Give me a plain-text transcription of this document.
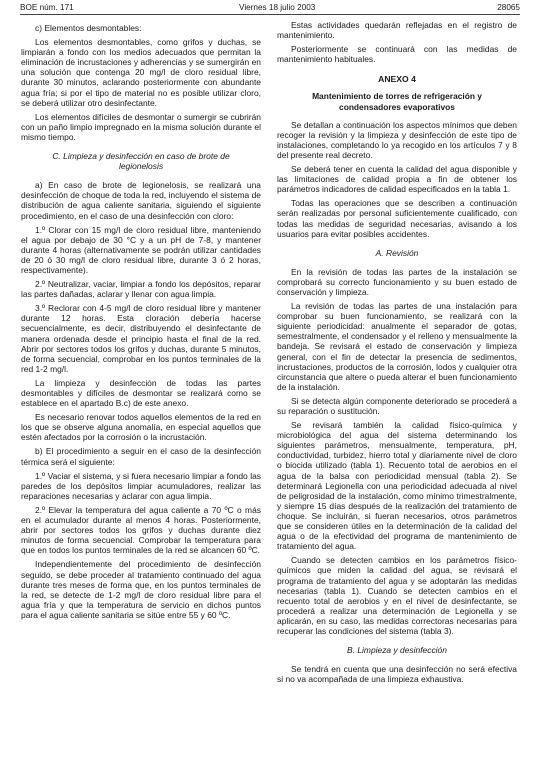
BOE núm. 171	Viernes 18 julio 2003	28065

c) Elementos desmontables:

Los elementos desmontables, como grifos y duchas, se limpiarán a fondo con los medios adecuados que permitan la eliminación de incrustaciones y adherencias y se sumergirán en una solución que contenga 20 mg/l de cloro residual libre, durante 30 minutos, aclarando posteriormente con abundante agua fría; si por el tipo de material no es posible utilizar cloro, se deberá utilizar otro desinfectante.

Los elementos difíciles de desmontar o sumergir se cubrirán con un paño limpio impregnado en la misma solución durante el mismo tiempo.

C. Limpieza y desinfección en caso de brote de legionelosis

a) En caso de brote de legionelosis, se realizará una desinfección de choque de toda la red, incluyendo el sistema de distribución de agua caliente sanitaria, siguiendo el siguiente procedimiento, en el caso de una desinfección con cloro:

1.º Clorar con 15 mg/l de cloro residual libre, manteniendo el agua por debajo de 30 °C y a un pH de 7-8, y mantener durante 4 horas (alternativamente se podrán utilizar cantidades de 20 ó 30 mg/l de cloro residual libre, durante 3 ó 2 horas, respectivamente).

2.º Neutralizar, vaciar, limpiar a fondo los depósitos, reparar las partes dañadas, aclarar y llenar con agua limpia.

3.º Reclorar con 4-5 mg/l de cloro residual libre y mantener durante 12 horas. Esta cloración debería hacerse secuencialmente, es decir, distribuyendo el desinfectante de manera ordenada desde el principio hasta el final de la red. Abrir por sectores todos los grifos y duchas, durante 5 minutos, de forma secuencial, comprobar en los puntos terminales de la red 1-2 mg/l.

La limpieza y desinfección de todas las partes desmontables y difíciles de desmontar se realizará como se establece en el apartado B.c) de este anexo.

Es necesario renovar todos aquellos elementos de la red en los que se observe alguna anomalía, en especial aquellos que estén afectados por la corrosión o la incrustación.

b) El procedimiento a seguir en el caso de la desinfección térmica será el siguiente:

1.º Vaciar el sistema, y si fuera necesario limpiar a fondo las paredes de los depósitos limpiar acumuladores, realizar las reparaciones necesarias y aclarar con agua limpia.

2.º Elevar la temperatura del agua caliente a 70 ºC o más en el acumulador durante al menos 4 horas. Posteriormente, abrir por sectores todos los grifos y duchas durante diez minutos de forma secuencial. Comprobar la temperatura para que en todos los puntos terminales de la red se alcancen 60 ºC.

Independientemente del procedimiento de desinfección seguido, se debe proceder al tratamiento continuado del agua durante tres meses de forma que, en los puntos terminales de la red, se detecte de 1-2 mg/l de cloro residual libre para el agua fría y que la temperatura de servicio en dichos puntos para el agua caliente sanitaria se sitúe entre 55 y 60 ºC.

Estas actividades quedarán reflejadas en el registro de mantenimiento.

Posteriormente se continuará con las medidas de mantenimiento habituales.

ANEXO 4
Mantenimiento de torres de refrigeración y condensadores evaporativos

Se detallan a continuación los aspectos mínimos que deben recoger la revisión y la limpieza y desinfección de este tipo de instalaciones, completando lo ya recogido en los artículos 7 y 8 del presente real decreto.

Se deberá tener en cuenta la calidad del agua disponible y las limitaciones de calidad propia a fin de obtener los parámetros indicadores de calidad especificados en la tabla 1.

Todas las operaciones que se describen a continuación serán realizadas por personal suficientemente cualificado, con todas las medidas de seguridad necesarias, avisando a los usuarios para evitar posibles accidentes.

A. Revisión

En la revisión de todas las partes de la instalación se comprobará su correcto funcionamiento y su buen estado de conservación y limpieza.

La revisión de todas las partes de una instalación para comprobar su buen funcionamiento, se realizará con la siguiente periodicidad: anualmente el separador de gotas, semestralmente, el condensador y el relleno y mensualmente la bandeja. Se revisará el estado de conservación y limpieza general, con el fin de detectar la presencia de sedimentos, incrustaciones, productos de la corrosión, lodos y cualquier otra circunstancia que altere o pueda alterar el buen funcionamiento de la instalación.

Si se detecta algún componente deteriorado se procederá a su reparación o sustitución.

Se revisará también la calidad físico-química y microbiológica del agua del sistema determinando los siguientes parámetros, mensualmente, temperatura, pH, conductividad, turbidez, hierro total y diariamente nivel de cloro o biocida utilizado (tabla 1). Recuento total de aerobios en el agua de la balsa con periodicidad mensual (tabla 2). Se determinará Legionella con una periodicidad adecuada al nivel de peligrosidad de la instalación, como mínimo trimestralmente, y siempre 15 días después de la realización del tratamiento de choque. Se incluirán, si fueran necesarios, otros parámetros que se consideren útiles en la determinación de la calidad del agua o de la efectividad del programa de mantenimiento de tratamiento del agua.

Cuando se detecten cambios en los parámetros físico-químicos que miden la calidad del agua, se revisará el programa de tratamiento del agua y se adoptarán las medidas necesarias (tabla 1). Cuando se detecten cambios en el recuento total de aerobios y en el nivel de desinfectante, se procederá a realizar una determinación de Legionella y se aplicarán, en su caso, las medidas correctoras necesarias para recuperar las condiciones del sistema (tabla 3).

B. Limpieza y desinfección

Se tendrá en cuenta que una desinfección no será efectiva si no va acompañada de una limpieza exhaustiva.
